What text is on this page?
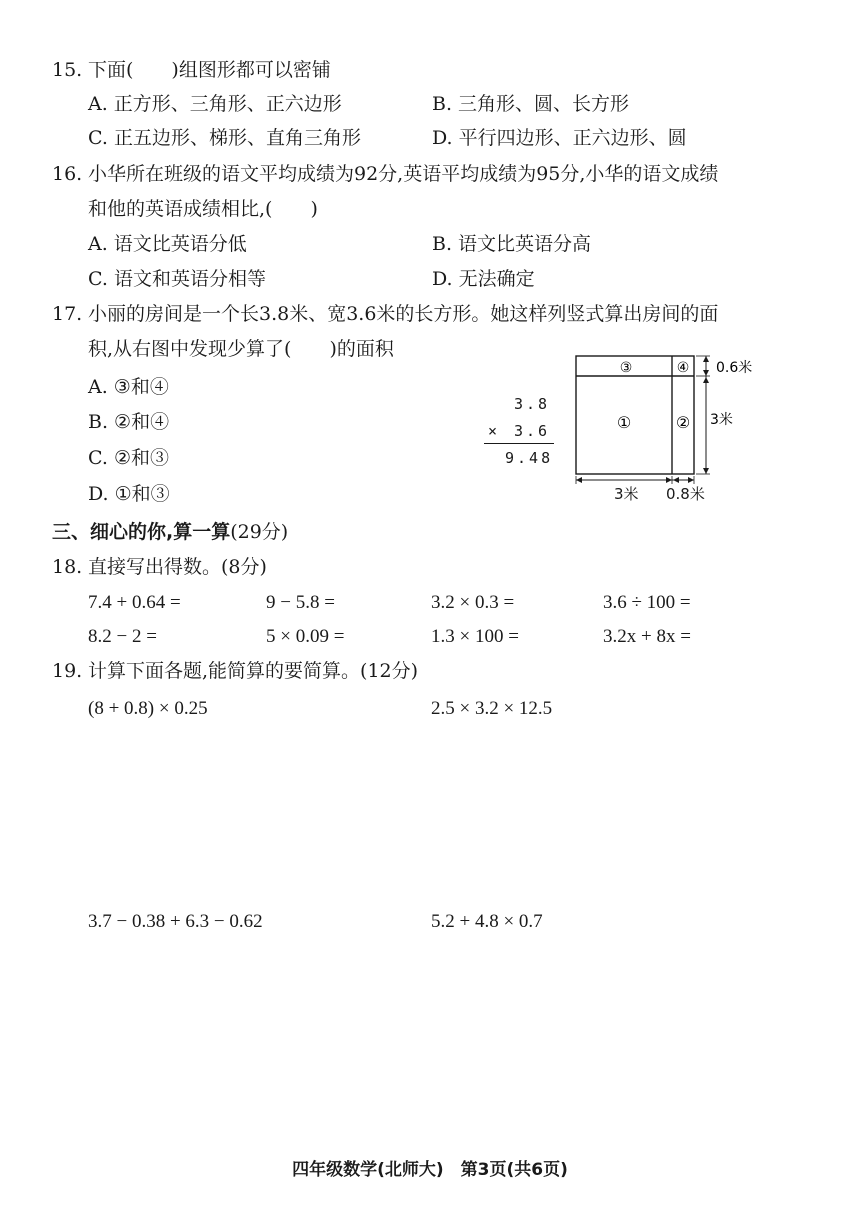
15. 下面(　　)组图形都可以密铺
A. 正方形、三角形、正六边形	B. 三角形、圆、长方形
C. 正五边形、梯形、直角三角形	D. 平行四边形、正六边形、圆
16. 小华所在班级的语文平均成绩为92分,英语平均成绩为95分,小华的语文成绩
和他的英语成绩相比,(　　)
A. 语文比英语分低	B. 语文比英语分高
C. 语文和英语分相等	D. 无法确定
17. 小丽的房间是一个长3.8米、宽3.6米的长方形。她这样列竖式算出房间的面
积,从右图中发现少算了(　　)的面积
A. ③和④
B. ②和④
C. ②和③
D. ①和③
3.8
× 3.6
9.48
③	④
①	②
0.6米
3米
3米 0.8米
三、细心的你,算一算(29分)
18. 直接写出得数。(8分)
7.4 + 0.64 =	9 − 5.8 =	3.2 × 0.3 =	3.6 ÷ 100 =
8.2 − 2 =	5 × 0.09 =	1.3 × 100 =	3.2x + 8x =
19. 计算下面各题,能简算的要简算。(12分)
(8 + 0.8) × 0.25	2.5 × 3.2 × 12.5
3.7 − 0.38 + 6.3 − 0.62	5.2 + 4.8 × 0.7
四年级数学(北师大)　第3页(共6页)
